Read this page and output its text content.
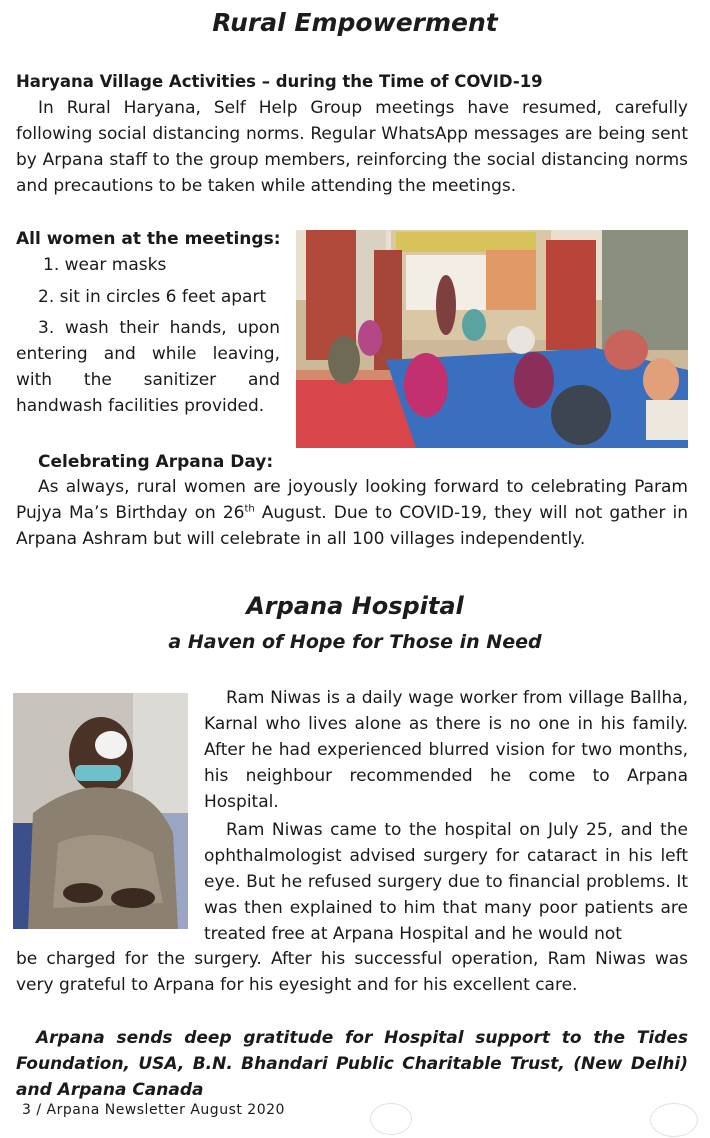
Rural Empowerment
Haryana Village Activities – during the Time of COVID-19
In Rural Haryana, Self Help Group meetings have resumed, carefully following social distancing norms. Regular WhatsApp messages are being sent by Arpana staff to the group members, reinforcing the social distancing norms and precautions to be taken while attending the meetings.
All women at the meetings:
1. wear masks
2. sit in circles 6 feet apart
3. wash their hands, upon entering and while leaving, with the sanitizer and handwash facilities provided.
Celebrating Arpana Day:
As always, rural women are joyously looking forward to celebrating Param Pujya Ma’s Birthday on 26th August. Due to COVID-19, they will not gather in Arpana Ashram but will celebrate in all 100 villages independently.
Arpana Hospital
a Haven of Hope for Those in Need
Ram Niwas is a daily wage worker from village Ballha, Karnal who lives alone as there is no one in his family. After he had experienced blurred vision for two months, his neighbour recommended he come to Arpana Hospital.
Ram Niwas came to the hospital on July 25, and the ophthalmologist advised surgery for cataract in his left eye. But he refused surgery due to financial problems. It was then explained to him that many poor patients are treated free at Arpana Hospital and he would not
be charged for the surgery. After his successful operation, Ram Niwas was very grateful to Arpana for his eyesight and for his excellent care.
Arpana sends deep gratitude for Hospital support to the Tides Foundation, USA, B.N. Bhandari Public Charitable Trust, (New Delhi) and Arpana Canada
3 / Arpana Newsletter August 2020
